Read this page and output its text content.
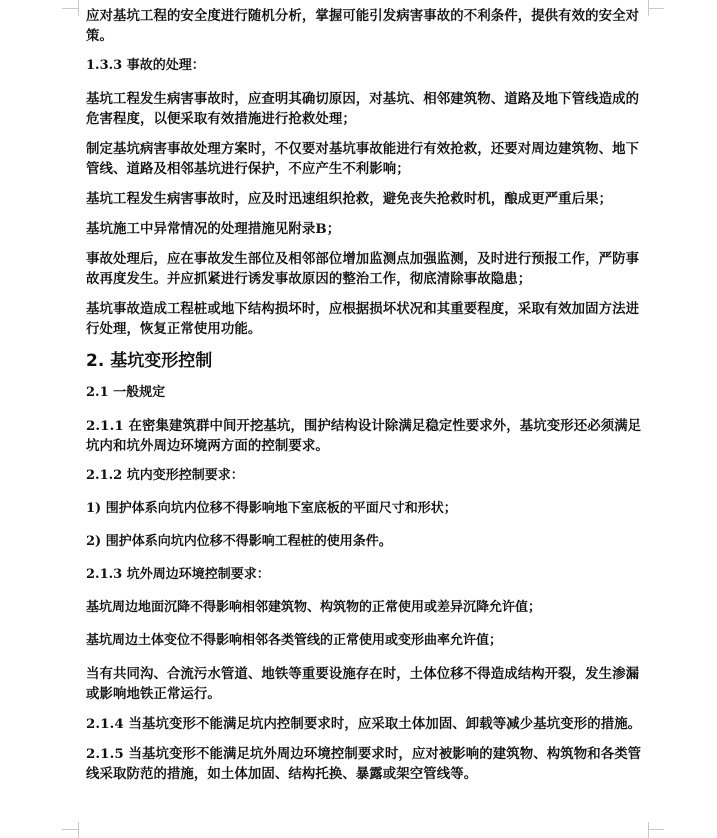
应对基坑工程的安全度进行随机分析，掌握可能引发病害事故的不利条件，提供有效的安全对策。

1.3.3 事故的处理：

基坑工程发生病害事故时，应查明其确切原因，对基坑、相邻建筑物、道路及地下管线造成的危害程度，以便采取有效措施进行抢救处理；

制定基坑病害事故处理方案时，不仅要对基坑事故能进行有效抢救，还要对周边建筑物、地下管线、道路及相邻基坑进行保护，不应产生不利影响；

基坑工程发生病害事故时，应及时迅速组织抢救，避免丧失抢救时机，酿成更严重后果；

基坑施工中异常情况的处理措施见附录B；

事故处理后，应在事故发生部位及相邻部位增加监测点加强监测，及时进行预报工作，严防事故再度发生。并应抓紧进行诱发事故原因的整治工作，彻底清除事故隐患；

基坑事故造成工程桩或地下结构损坏时，应根据损坏状况和其重要程度，采取有效加固方法进行处理，恢复正常使用功能。

2. 基坑变形控制

2.1 一般规定

2.1.1 在密集建筑群中间开挖基坑，围护结构设计除满足稳定性要求外，基坑变形还必须满足坑内和坑外周边环境两方面的控制要求。

2.1.2 坑内变形控制要求：

1) 围护体系向坑内位移不得影响地下室底板的平面尺寸和形状；

2) 围护体系向坑内位移不得影响工程桩的使用条件。

2.1.3 坑外周边环境控制要求：

基坑周边地面沉降不得影响相邻建筑物、构筑物的正常使用或差异沉降允许值；

基坑周边土体变位不得影响相邻各类管线的正常使用或变形曲率允许值；

当有共同沟、合流污水管道、地铁等重要设施存在时，土体位移不得造成结构开裂，发生渗漏或影响地铁正常运行。

2.1.4 当基坑变形不能满足坑内控制要求时，应采取土体加固、卸载等减少基坑变形的措施。

2.1.5 当基坑变形不能满足坑外周边环境控制要求时，应对被影响的建筑物、构筑物和各类管线采取防范的措施，如土体加固、结构托换、暴露或架空管线等。
